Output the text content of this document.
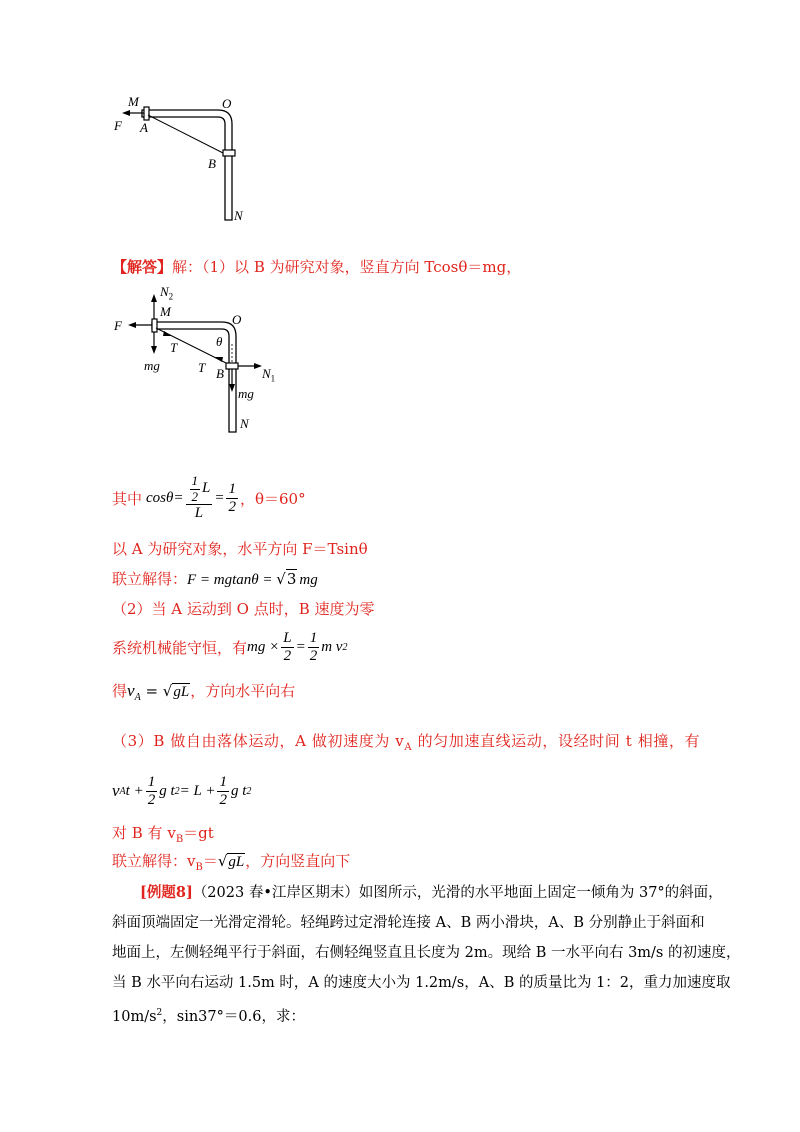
M	O
F A
B
N
【解答】解：（1）以 B 为研究对象，竖直方向 Tcosθ＝mg，
$N_2$
M
O
F
T
T
θ
B	$N_1$
mg
mg
N
其中 $\cos\theta = \frac{\frac{1}{2} L}{L} = \frac{1}{2}$ ，θ＝60°
以 A 为研究对象，水平方向 F＝Tsinθ
联立解得：F = mgtanθ = √3 mg
（2）当 A 运动到 O 点时，B 速度为零
系统机械能守恒，有 mg × $\frac{L}{2} = \frac{1}{2}$ m v 2
得$v_A = √gL$，方向水平向右
（3）B 做自由落体运动，A 做初速度为 $v_A$ 的匀加速直线运动，设经时间 t 相撞，有
v A $t + \frac{1}{2}$ g t $2 = L + \frac{1}{2}$ g t 2
对 B 有 $v_B=gt$
联立解得：$v_B=√gL$，方向竖直向下
[例题8]（2023 春•江岸区期末）如图所示，光滑的水平地面上固定一倾角为 37°的斜面，
斜面顶端固定一光滑定滑轮。轻绳跨过定滑轮连接 A、B 两小滑块，A、B 分别静止于斜面和
地面上，左侧轻绳平行于斜面，右侧轻绳竖直且长度为 2m。现给 B 一水平向右 3m/s 的初速度，
当 B 水平向右运动 1.5m 时，A 的速度大小为 1.2m/s，A、B 的质量比为 1：2，重力加速度取
$10m/s^2$，sin37°＝0.6，求：
